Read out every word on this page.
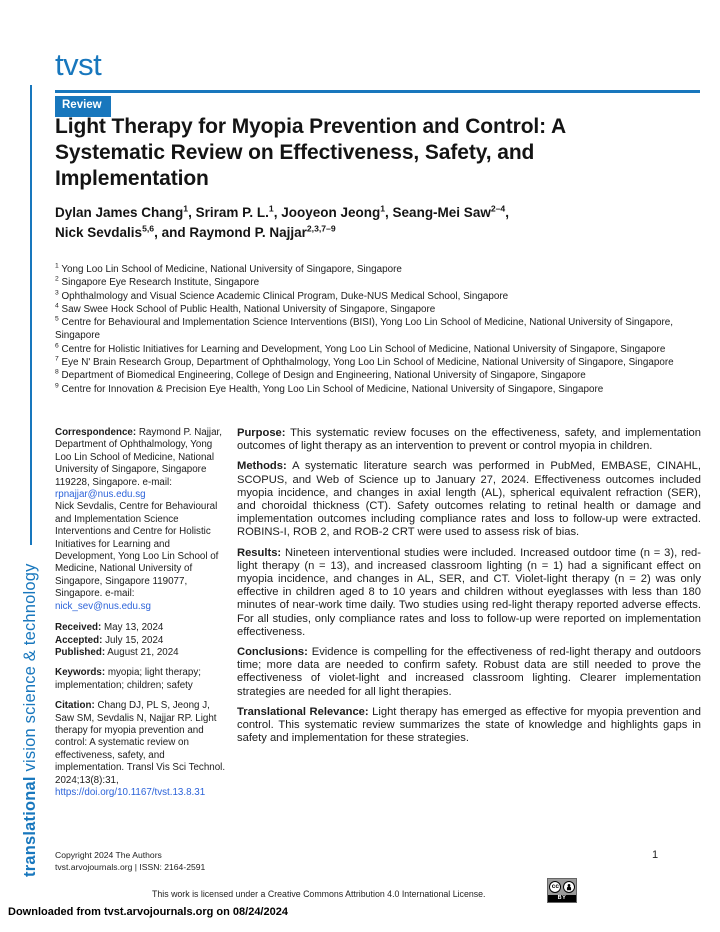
translational vision science & technology
tvst
Review
Light Therapy for Myopia Prevention and Control: A Systematic Review on Effectiveness, Safety, and Implementation
Dylan James Chang$^1$, Sriram P. L.$^1$, Jooyeon Jeong$^1$, Seang-Mei Saw$^{2-4}$,
Nick Sevdalis$^{5,6}$, and Raymond P. Najjar$^{2,3,7-9}$
$^1$ Yong Loo Lin School of Medicine, National University of Singapore, Singapore
$^2$ Singapore Eye Research Institute, Singapore
$^3$ Ophthalmology and Visual Science Academic Clinical Program, Duke-NUS Medical School, Singapore
$^4$ Saw Swee Hock School of Public Health, National University of Singapore, Singapore
$^5$ Centre for Behavioural and Implementation Science Interventions (BISI), Yong Loo Lin School of Medicine, National University of Singapore, Singapore
$^6$ Centre for Holistic Initiatives for Learning and Development, Yong Loo Lin School of Medicine, National University of Singapore, Singapore
$^7$ Eye N' Brain Research Group, Department of Ophthalmology, Yong Loo Lin School of Medicine, National University of Singapore, Singapore
$^8$ Department of Biomedical Engineering, College of Design and Engineering, National University of Singapore, Singapore
$^9$ Centre for Innovation & Precision Eye Health, Yong Loo Lin School of Medicine, National University of Singapore, Singapore

Correspondence: Raymond P. Najjar, Department of Ophthalmology, Yong Loo Lin School of Medicine, National University of Singapore, Singapore 119228, Singapore. e-mail: rpnajjar@nus.edu.sg
Nick Sevdalis, Centre for Behavioural and Implementation Science Interventions and Centre for Holistic Initiatives for Learning and Development, Yong Loo Lin School of Medicine, National University of Singapore, Singapore 119077, Singapore. e-mail:
nick_sev@nus.edu.sg

Received: May 13, 2024
Accepted: July 15, 2024
Published: August 21, 2024

Keywords: myopia; light therapy; implementation; children; safety

Citation: Chang DJ, PL S, Jeong J, Saw SM, Sevdalis N, Najjar RP. Light therapy for myopia prevention and control: A systematic review on effectiveness, safety, and implementation. Transl Vis Sci Technol. 2024;13(8):31,
https://doi.org/10.1167/tvst.13.8.31

Purpose: This systematic review focuses on the effectiveness, safety, and implementation outcomes of light therapy as an intervention to prevent or control myopia in children.

Methods: A systematic literature search was performed in PubMed, EMBASE, CINAHL, SCOPUS, and Web of Science up to January 27, 2024. Effectiveness outcomes included myopia incidence, and changes in axial length (AL), spherical equivalent refraction (SER), and choroidal thickness (CT). Safety outcomes relating to retinal health or damage and implementation outcomes including compliance rates and loss to follow-up were extracted. ROBINS-I, ROB 2, and ROB-2 CRT were used to assess risk of bias.

Results: Nineteen interventional studies were included. Increased outdoor time (n = 3), red-light therapy (n = 13), and increased classroom lighting (n = 1) had a significant effect on myopia incidence, and changes in AL, SER, and CT. Violet-light therapy (n = 2) was only effective in children aged 8 to 10 years and children without eyeglasses with less than 180 minutes of near-work time daily. Two studies using red-light therapy reported adverse effects. For all studies, only compliance rates and loss to follow-up were reported on implementation effectiveness.

Conclusions: Evidence is compelling for the effectiveness of red-light therapy and outdoors time; more data are needed to confirm safety. Robust data are still needed to prove the effectiveness of violet-light and increased classroom lighting. Clearer implementation strategies are needed for all light therapies.

Translational Relevance: Light therapy has emerged as effective for myopia prevention and control. This systematic review summarizes the state of knowledge and highlights gaps in safety and implementation for these strategies.

Copyright 2024 The Authors
tvst.arvojournals.org | ISSN: 2164-2591
1
This work is licensed under a Creative Commons Attribution 4.0 International License.
cc
BY
Downloaded from tvst.arvojournals.org on 08/24/2024
